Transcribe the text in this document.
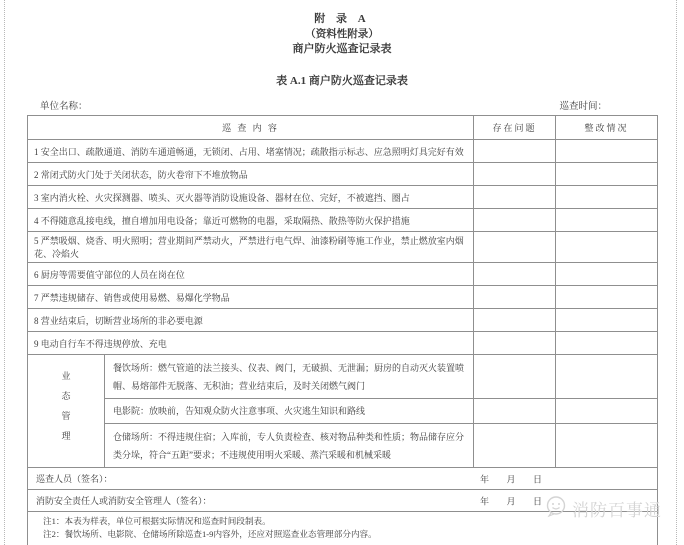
附 录 A
（资料性附录）
商户防火巡查记录表
表 A.1 商户防火巡查记录表
单位名称：	巡查时间：
巡 查 内 容		存在问题	整改情况
1 安全出口、疏散通道、消防车通道畅通，无锁闭、占用、堵塞情况；疏散指示标志、应急照明灯具完好有效			
2 常闭式防火门处于关闭状态，防火卷帘下不堆放物品			
3 室内消火栓、火灾探测器、喷头、灭火器等消防设施设备、器材在位、完好，不被遮挡、圈占			
4 不得随意乱接电线，擅自增加用电设备；靠近可燃物的电器，采取隔热、散热等防火保护措施			
5 严禁吸烟、烧香、明火照明；营业期间严禁动火，严禁进行电气焊、油漆粉刷等施工作业，禁止燃放室内烟花、冷焰火			
6 厨房等需要值守部位的人员在岗在位			
7 严禁违规储存、销售或使用易燃、易爆化学物品			
8 营业结束后，切断营业场所的非必要电源			
9 电动自行车不得违规停放、充电			
业态管理	餐饮场所：燃气管道的法兰接头、仪表、阀门，无破损、无泄漏；厨房的自动灭火装置喷帽、易熔部件无脱落、无积油；营业结束后，及时关闭燃气阀门		
	电影院：放映前，告知观众防火注意事项、火灾逃生知识和路线		
	仓储场所：不得违规住宿；入库前，专人负责检查、核对物品种类和性质；物品储存应分类分垛，符合“五距”要求；不违规使用明火采暖、蒸汽采暖和机械采暖		
巡查人员（签名）： 年 月 日			

消防安全责任人或消防安全管理人（签名）： 年 月 日			

注1：本表为样表，单位可根据实际情况和巡查时间段制表。
注2：餐饮场所、电影院、仓储场所除巡查1-9内容外，还应对照巡查业态管理部分内容。			
消防百事通
